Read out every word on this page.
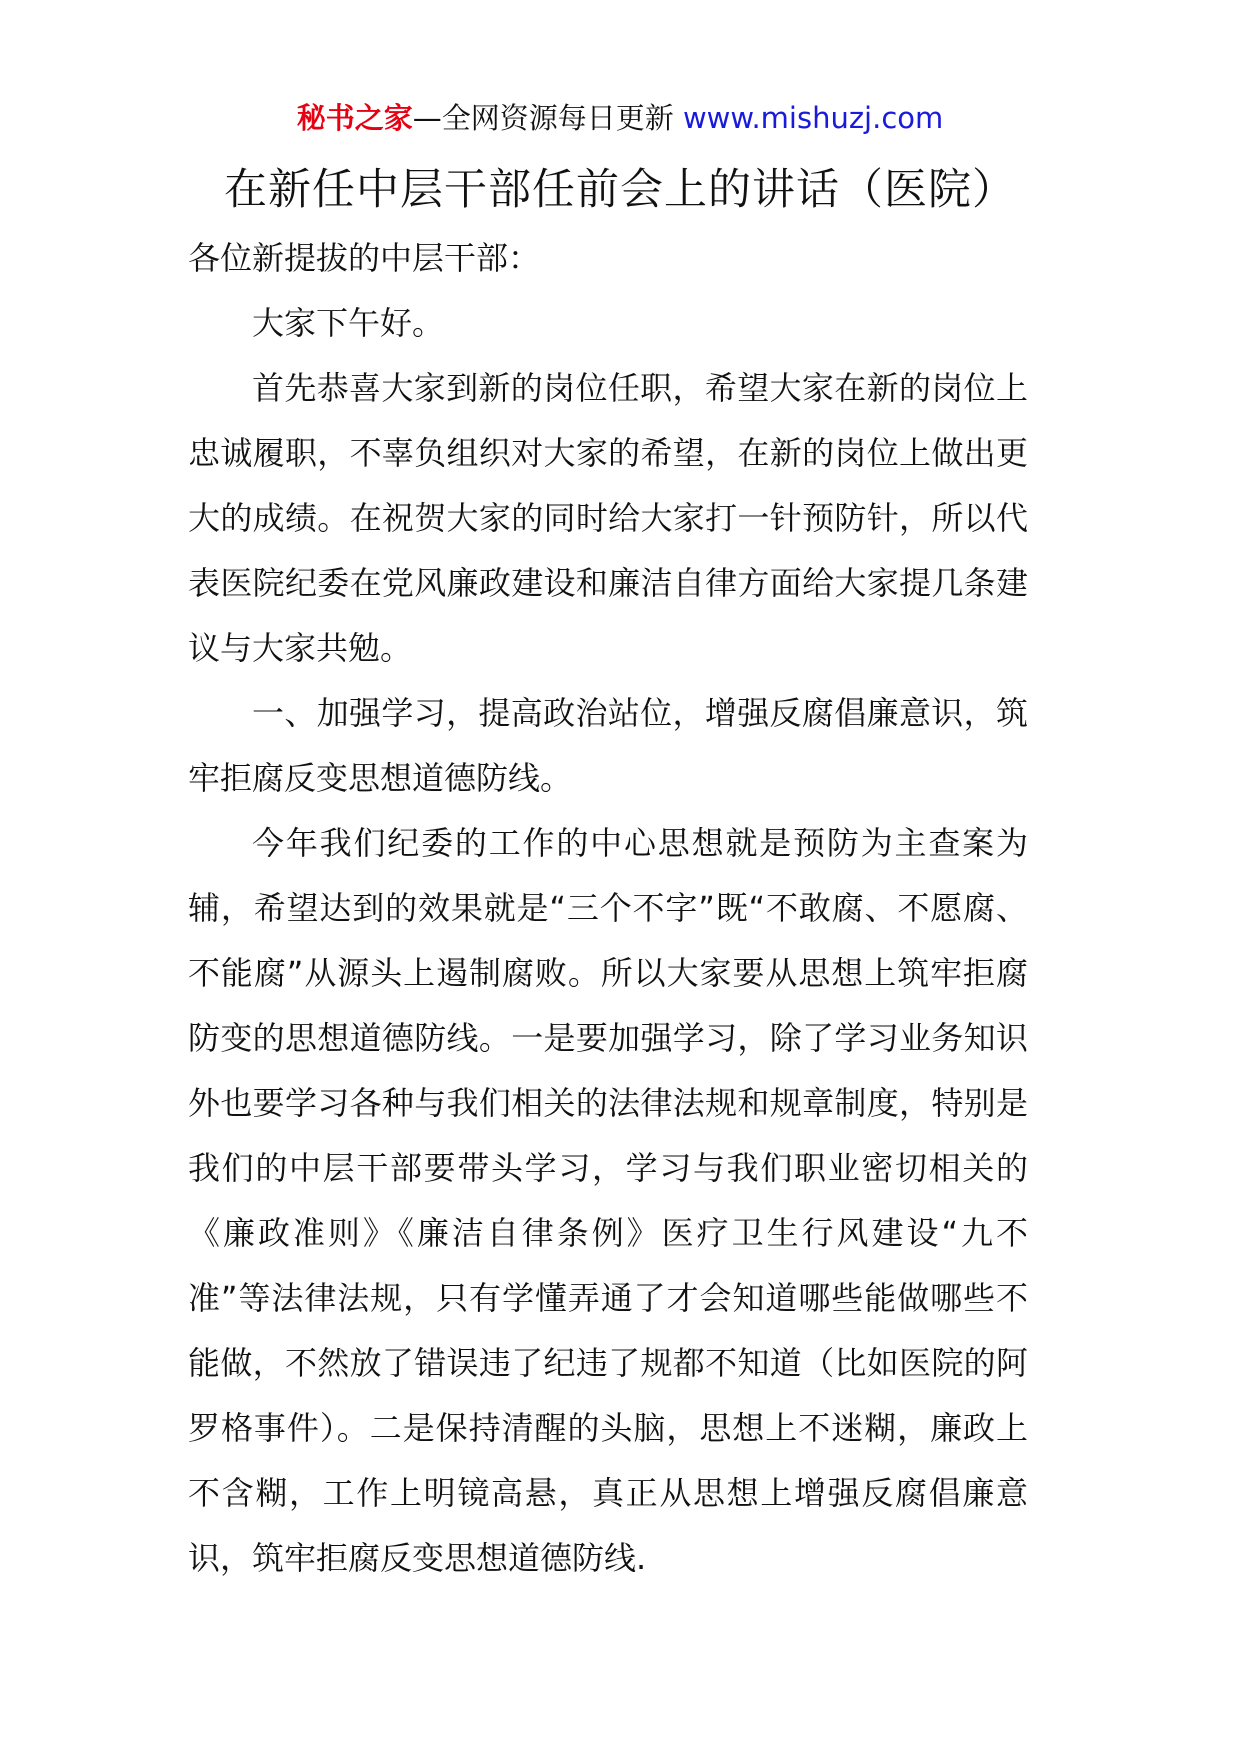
秘书之家—全网资源每日更新 www.mishuzj.com
在新任中层干部任前会上的讲话（医院）

各位新提拔的中层干部：

大家下午好。

首先恭喜大家到新的岗位任职，希望大家在新的岗位上忠诚履职，不辜负组织对大家的希望，在新的岗位上做出更大的成绩。在祝贺大家的同时给大家打一针预防针，所以代表医院纪委在党风廉政建设和廉洁自律方面给大家提几条建议与大家共勉。

一、加强学习，提高政治站位，增强反腐倡廉意识，筑牢拒腐反变思想道德防线。

今年我们纪委的工作的中心思想就是预防为主查案为辅，希望达到的效果就是“三个不字”既“不敢腐、不愿腐、不能腐”从源头上遏制腐败。所以大家要从思想上筑牢拒腐防变的思想道德防线。一是要加强学习，除了学习业务知识外也要学习各种与我们相关的法律法规和规章制度，特别是我们的中层干部要带头学习，学习与我们职业密切相关的《廉政准则》《廉洁自律条例》医疗卫生行风建设“九不准”等法律法规，只有学懂弄通了才会知道哪些能做哪些不能做，不然放了错误违了纪违了规都不知道（比如医院的阿罗格事件）。二是保持清醒的头脑，思想上不迷糊，廉政上不含糊，工作上明镜高悬，真正从思想上增强反腐倡廉意识，筑牢拒腐反变思想道德防线.
